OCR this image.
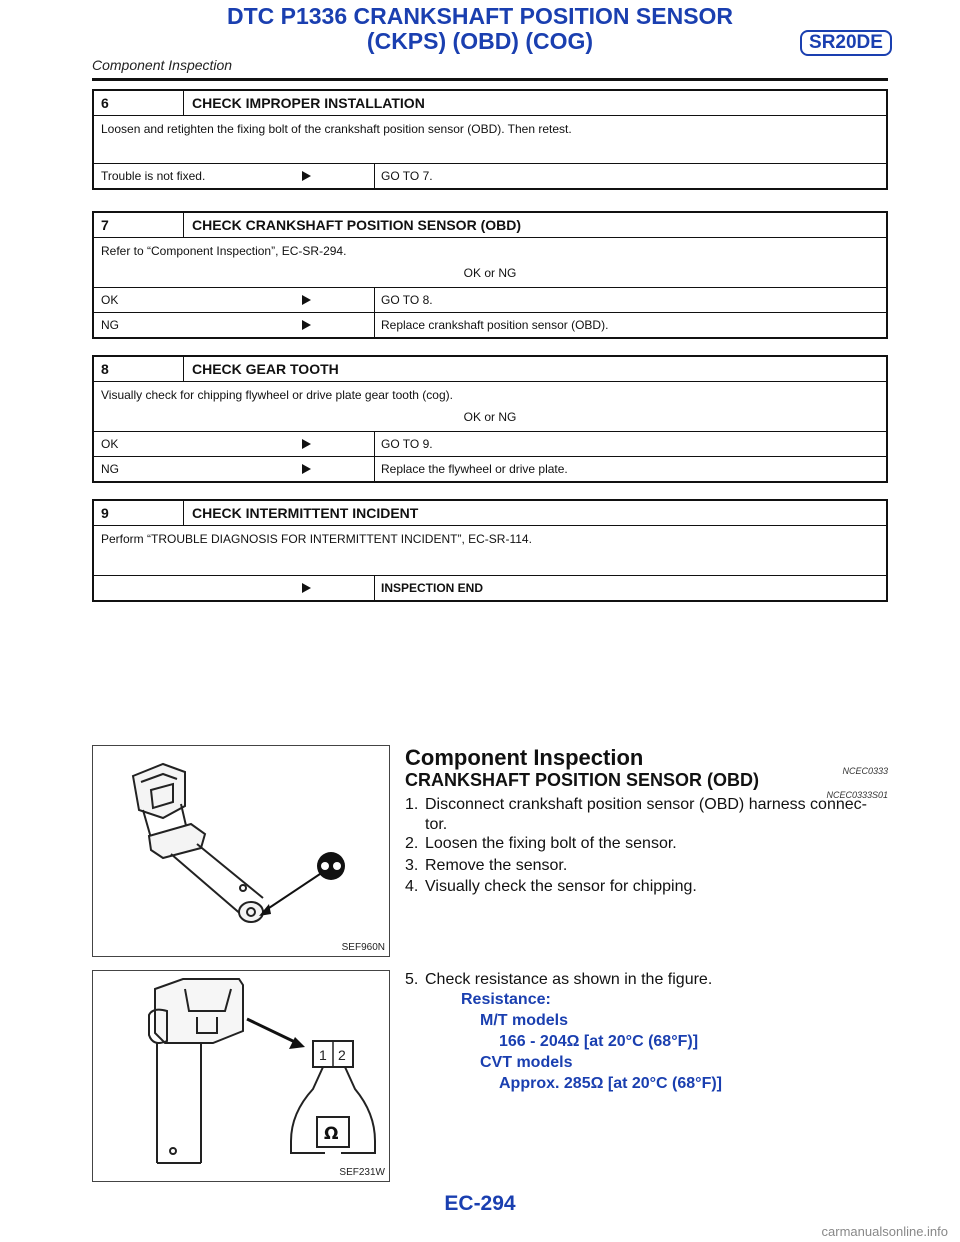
DTC P1336 CRANKSHAFT POSITION SENSOR
(CKPS) (OBD) (COG)	SR20DE
Component Inspection
6	CHECK IMPROPER INSTALLATION
Loosen and retighten the fixing bolt of the crankshaft position sensor (OBD). Then retest.
Trouble is not fixed.	GO TO 7.
7	CHECK CRANKSHAFT POSITION SENSOR (OBD)
Refer to “Component Inspection”, EC-SR-294.
OK or NG
OK	GO TO 8.
NG	Replace crankshaft position sensor (OBD).
8	CHECK GEAR TOOTH
Visually check for chipping flywheel or drive plate gear tooth (cog).
OK or NG
OK	GO TO 9.
NG	Replace the flywheel or drive plate.
9	CHECK INTERMITTENT INCIDENT
Perform “TROUBLE DIAGNOSIS FOR INTERMITTENT INCIDENT”, EC-SR-114.
INSPECTION END
Component Inspection
NCEC0333
CRANKSHAFT POSITION SENSOR (OBD)
NCEC0333S01
1. Disconnect crankshaft position sensor (OBD) harness connec-
tor.
2. Loosen the fixing bolt of the sensor.
3. Remove the sensor.
4. Visually check the sensor for chipping.
5. Check resistance as shown in the figure.
Resistance:
M/T models
166 - 204Ω [at 20°C (68°F)]
CVT models
Approx. 285Ω [at 20°C (68°F)]
SEF960N
1 2
Ω
SEF231W
EC-294
carmanualsonline.info
